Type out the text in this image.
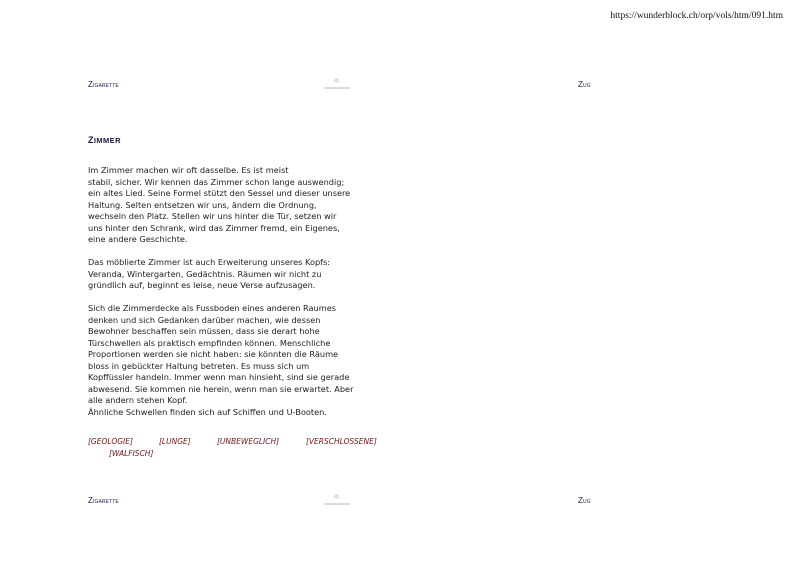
https://wunderblock.ch/orp/vols/htm/091.htm
Zigarette	zug
ZIMMER

Im Zimmer machen wir oft dasselbe. Es ist meist
stabil, sicher. Wir kennen das Zimmer schon lange auswendig;
ein altes Lied. Seine Formel stützt den Sessel und dieser unsere
Haltung. Selten entsetzen wir uns, ändern die Ordnung,
wechseln den Platz. Stellen wir uns hinter die Tür, setzen wir
uns hinter den Schrank, wird das Zimmer fremd, ein Eigenes,
eine andere Geschichte.

Das möblierte Zimmer ist auch Erweiterung unseres Kopfs:
Veranda, Wintergarten, Gedächtnis. Räumen wir nicht zu
gründlich auf, beginnt es leise, neue Verse aufzusagen.

Sich die Zimmerdecke als Fussboden eines anderen Raumes
denken und sich Gedanken darüber machen, wie dessen
Bewohner beschaffen sein müssen, dass sie derart hohe
Türschwellen als praktisch empfinden können. Menschliche
Proportionen werden sie nicht haben: sie könnten die Räume
bloss in gebückter Haltung betreten. Es muss sich um
Kopffüssler handeln. Immer wenn man hinsieht, sind sie gerade
abwesend. Sie kommen nie herein, wenn man sie erwartet. Aber
alle andern stehen Kopf.
Ähnliche Schwellen finden sich auf Schiffen und U-Booten.

[GEOLOGIE]	[LUNGE]	[UNBEWEGLICH]	[VERSCHLOSSENE]
[WALFISCH]
Zigarette	zug
